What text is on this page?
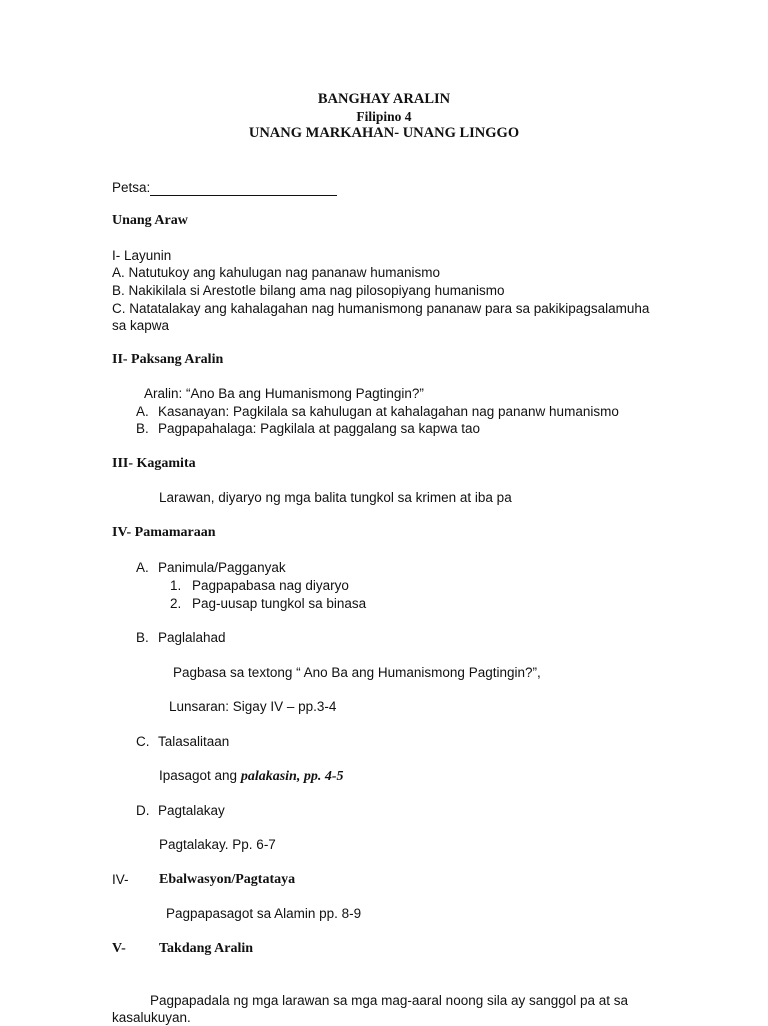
BANGHAY ARALIN
Filipino 4
UNANG MARKAHAN- UNANG LINGGO
Petsa:
Unang Araw
I- Layunin
A. Natutukoy ang kahulugan nag pananaw humanismo
B. Nakikilala si Arestotle bilang ama nag pilosopiyang humanismo
C. Natatalakay ang kahalagahan nag humanismong pananaw para sa pakikipagsalamuha
sa kapwa
II- Paksang Aralin
Aralin: “Ano Ba ang Humanismong Pagtingin?”
A. Kasanayan: Pagkilala sa kahulugan at kahalagahan nag pananw humanismo
B. Pagpapahalaga: Pagkilala at paggalang sa kapwa tao
III- Kagamita
Larawan, diyaryo ng mga balita tungkol sa krimen at iba pa
IV- Pamamaraan
A. Panimula/Pagganyak
1. Pagpapabasa nag diyaryo
2. Pag-uusap tungkol sa binasa
B. Paglalahad
Pagbasa sa textong “ Ano Ba ang Humanismong Pagtingin?”,
Lunsaran: Sigay IV – pp.3-4
C. Talasalitaan
Ipasagot ang palakasin, pp. 4-5
D. Pagtalakay
Pagtalakay. Pp. 6-7
IV- Ebalwasyon/Pagtataya
Pagpapasagot sa Alamin pp. 8-9
V- Takdang Aralin
Pagpapadala ng mga larawan sa mga mag-aaral noong sila ay sanggol pa at sa
kasalukuyan.
